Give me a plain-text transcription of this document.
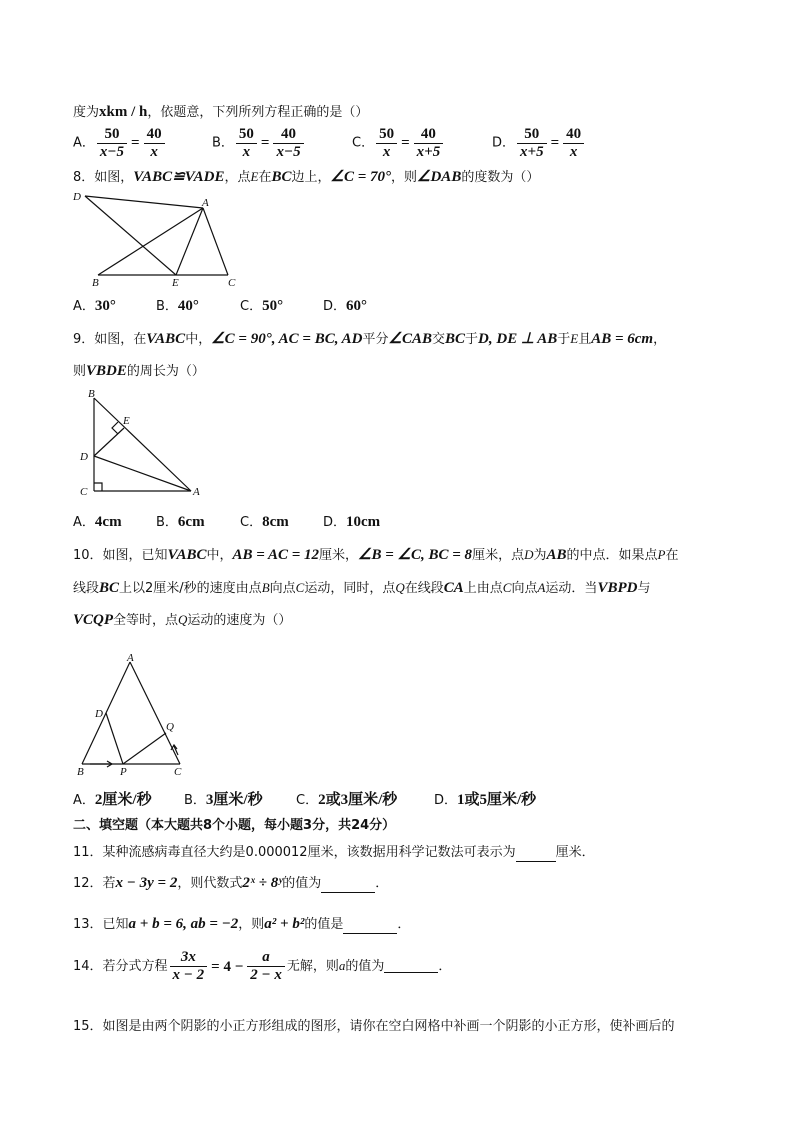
度为xkm / h，依题意，下列所列方程正确的是（）
A． $\frac{50}{x-5} = \frac{40}{x}$	B． $\frac{50}{x} = \frac{40}{x-5}$	C． $\frac{50}{x} = \frac{40}{x+5}$	D． $\frac{50}{x+5} = \frac{40}{x}$
8．如图，VABC≌VADE，点E在BC边上，∠C = 70°，则∠DAB的度数为（）
D	A
B	E	C
A．30°	B．40°	C．50°	D．60°
9．如图，在VABC中，∠C = 90°, AC = BC, AD平分∠CAB交BC于D, DE ⊥ AB于E且AB = 6cm，
则VBDE的周长为（）
B
E
D
C	A
A．4cm	B．6cm	C．8cm	D．10cm
10．如图，已知VABC中，AB = AC = 12厘米，∠B = ∠C, BC = 8厘米，点D为AB的中点．如果点P在
线段BC上以2厘米/秒的速度由点B向点C运动，同时，点Q在线段CA上由点C向点A运动．当VBPD与
VCQP全等时，点Q运动的速度为（）
A
D
Q
B	P	C
A．2厘米/秒 B．3厘米/秒	C．2或3厘米/秒	D．1或5厘米/秒
二、填空题（本大题共8个小题，每小题3分，共24分）
11．某种流感病毒直径大约是0.000012厘米，该数据用科学记数法可表示为	厘米．
12．若x − 3y = 2，则代数式2ˣ ÷ 8ʸ的值为	．
13．已知a + b = 6, ab = −2，则a² + b²的值是	．
14．若分式方程 $\frac{3x}{x - 2} = 4 - \frac{a}{2 - x}$ 无解，则a的值为	．
15．如图是由两个阴影的小正方形组成的图形，请你在空白网格中补画一个阴影的小正方形，使补画后的
